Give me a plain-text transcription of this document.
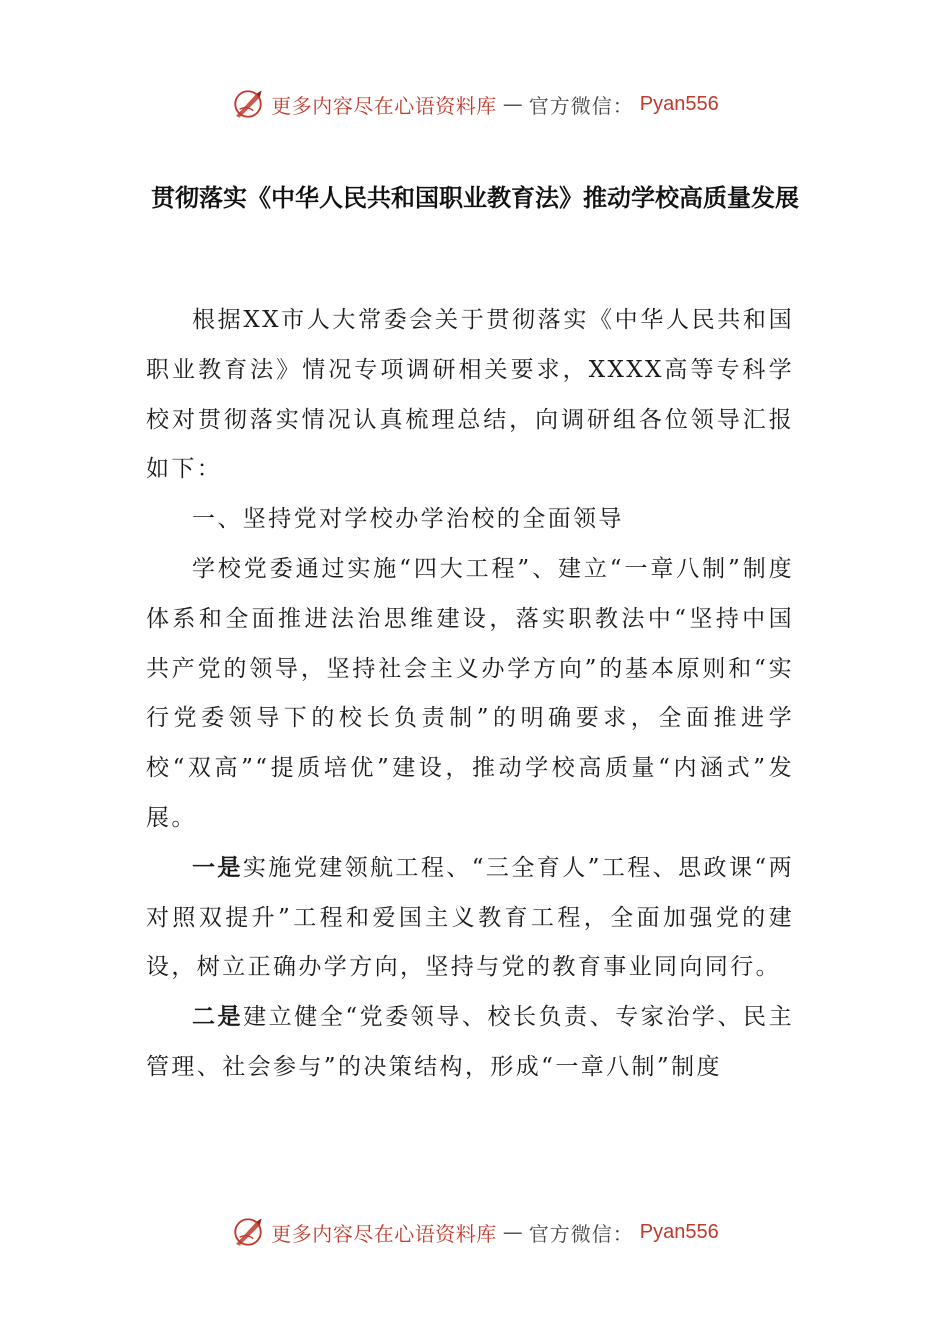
更多内容尽在心语资料库 — 官方微信： Pyan556
贯彻落实《中华人民共和国职业教育法》推动学校高质量发展

根据XX市人大常委会关于贯彻落实《中华人民共和国职业教育法》情况专项调研相关要求，XXXX高等专科学校对贯彻落实情况认真梳理总结，向调研组各位领导汇报如下：

一、坚持党对学校办学治校的全面领导

学校党委通过实施“四大工程”、建立“一章八制”制度体系和全面推进法治思维建设，落实职教法中“坚持中国共产党的领导，坚持社会主义办学方向”的基本原则和“实行党委领导下的校长负责制”的明确要求，全面推进学校“双高”“提质培优”建设，推动学校高质量“内涵式”发展。

一是实施党建领航工程、“三全育人”工程、思政课“两对照双提升”工程和爱国主义教育工程，全面加强党的建设，树立正确办学方向，坚持与党的教育事业同向同行。

二是建立健全“党委领导、校长负责、专家治学、民主管理、社会参与”的决策结构，形成“一章八制”制度

更多内容尽在心语资料库 — 官方微信： Pyan556
